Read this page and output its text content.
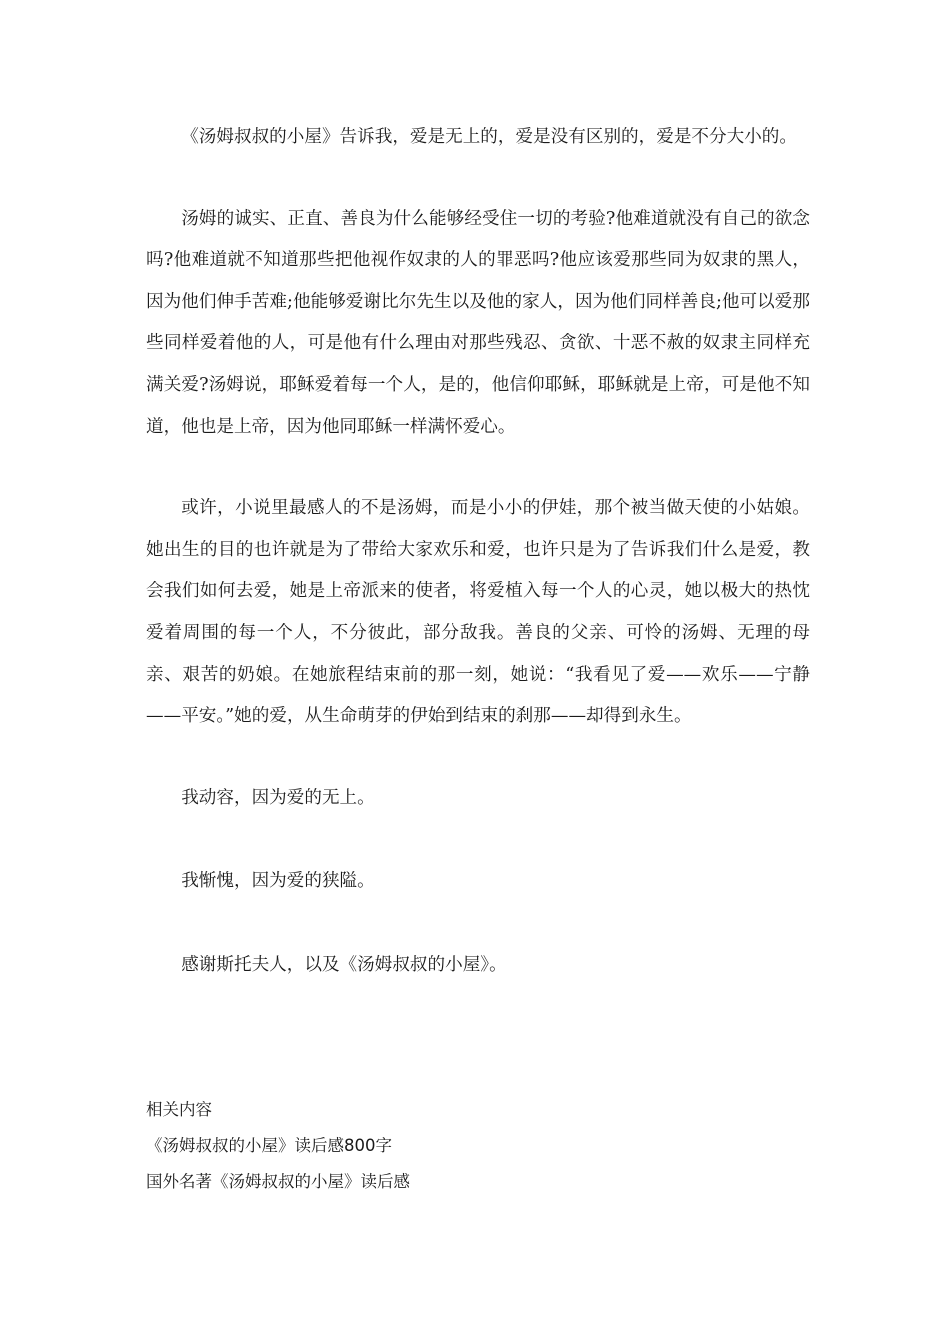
《汤姆叔叔的小屋》告诉我，爱是无上的，爱是没有区别的，爱是不分大小的。

汤姆的诚实、正直、善良为什么能够经受住一切的考验?他难道就没有自己的欲念吗?他难道就不知道那些把他视作奴隶的人的罪恶吗?他应该爱那些同为奴隶的黑人，因为他们伸手苦难;他能够爱谢比尔先生以及他的家人，因为他们同样善良;他可以爱那些同样爱着他的人，可是他有什么理由对那些残忍、贪欲、十恶不赦的奴隶主同样充满关爱?汤姆说，耶稣爱着每一个人，是的，他信仰耶稣，耶稣就是上帝，可是他不知道，他也是上帝，因为他同耶稣一样满怀爱心。

或许，小说里最感人的不是汤姆，而是小小的伊娃，那个被当做天使的小姑娘。她出生的目的也许就是为了带给大家欢乐和爱，也许只是为了告诉我们什么是爱，教会我们如何去爱，她是上帝派来的使者，将爱植入每一个人的心灵，她以极大的热忱爱着周围的每一个人，不分彼此，部分敌我。善良的父亲、可怜的汤姆、无理的母亲、艰苦的奶娘。在她旅程结束前的那一刻，她说：“我看见了爱——欢乐——宁静——平安。”她的爱，从生命萌芽的伊始到结束的刹那——却得到永生。

我动容，因为爱的无上。

我惭愧，因为爱的狭隘。

感谢斯托夫人，以及《汤姆叔叔的小屋》。

相关内容

《汤姆叔叔的小屋》读后感800字
国外名著《汤姆叔叔的小屋》读后感
